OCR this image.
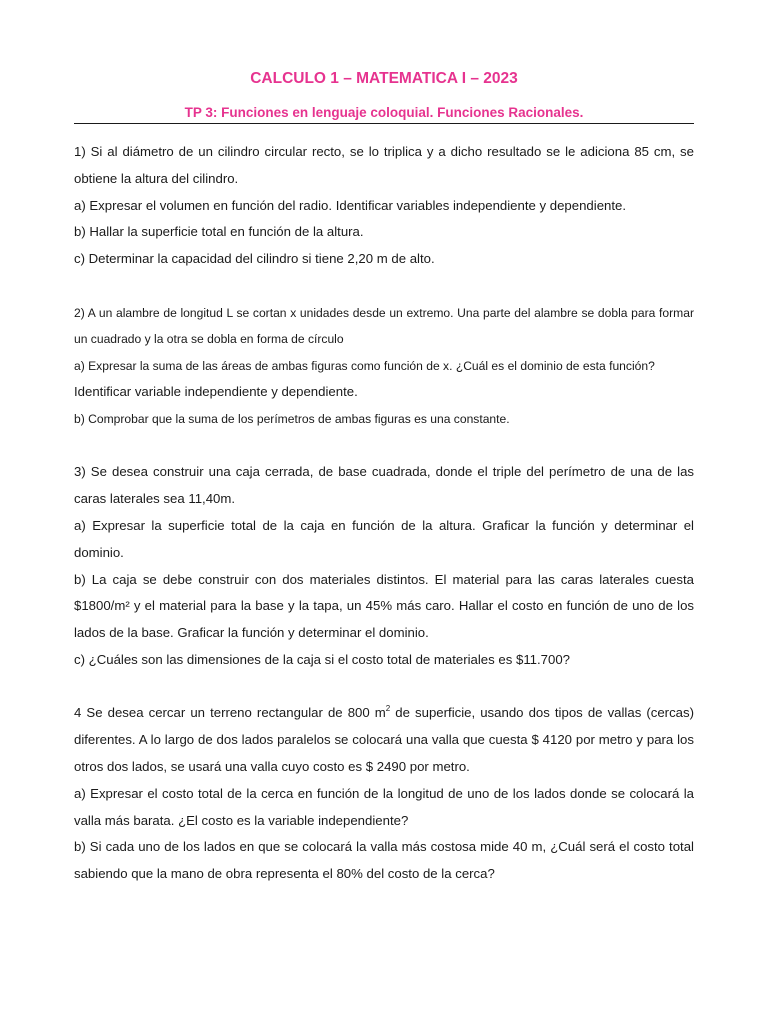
CALCULO 1 – MATEMATICA I – 2023
TP 3: Funciones en lenguaje coloquial. Funciones Racionales.

1) Si al diámetro de un cilindro circular recto, se lo triplica y a dicho resultado se le adiciona 85 cm, se obtiene la altura del cilindro.

a) Expresar el volumen en función del radio. Identificar variables independiente y dependiente.

b) Hallar la superficie total en función de la altura.

c) Determinar la capacidad del cilindro si tiene 2,20 m de alto.

2) A un alambre de longitud L se cortan x unidades desde un extremo. Una parte del alambre se dobla para formar un cuadrado y la otra se dobla en forma de círculo

a) Expresar la suma de las áreas de ambas figuras como función de x. ¿Cuál es el dominio de esta función?

Identificar variable independiente y dependiente.

b) Comprobar que la suma de los perímetros de ambas figuras es una constante.

3) Se desea construir una caja cerrada, de base cuadrada, donde el triple del perímetro de una de las caras laterales sea 11,40m.

a) Expresar la superficie total de la caja en función de la altura. Graficar la función y determinar el dominio.

b) La caja se debe construir con dos materiales distintos. El material para las caras laterales cuesta $1800/m² y el material para la base y la tapa, un 45% más caro. Hallar el costo en función de uno de los lados de la base. Graficar la función y determinar el dominio.

c) ¿Cuáles son las dimensiones de la caja si el costo total de materiales es $11.700?

4 Se desea cercar un terreno rectangular de 800 $m^2$ de superficie, usando dos tipos de vallas (cercas) diferentes. A lo largo de dos lados paralelos se colocará una valla que cuesta $ 4120 por metro y para los otros dos lados, se usará una valla cuyo costo es $ 2490 por metro.

a) Expresar el costo total de la cerca en función de la longitud de uno de los lados donde se colocará la valla más barata. ¿El costo es la variable independiente?

b) Si cada uno de los lados en que se colocará la valla más costosa mide 40 m, ¿Cuál será el costo total sabiendo que la mano de obra representa el 80% del costo de la cerca?
